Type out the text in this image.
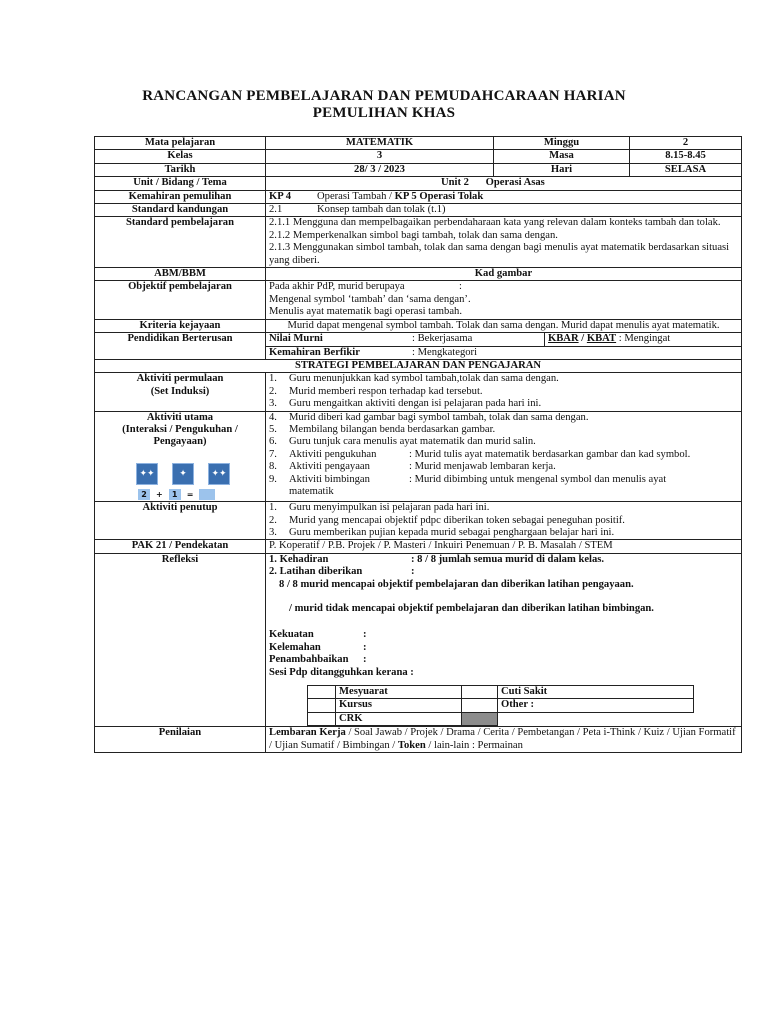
RANCANGAN PEMBELAJARAN DAN PEMUDAHCARAAN HARIAN
PEMULIHAN KHAS
Mata pelajaran	MATEMATIK	Minggu	2
Kelas	3	Masa	8.15-8.45
Tarikh	28/ 3 / 2023	Hari	SELASA
Unit / Bidang / Tema	Unit 2 Operasi Asas
Kemahiran pemulihan	KP 4 Operasi Tambah / KP 5 Operasi Tolak
Standard kandungan	2.1	Konsep tambah dan tolak (t.1)
Standard pembelajaran	2.1.1 Mengguna dan mempelbagaikan perbendaharaan kata yang relevan dalam konteks tambah dan tolak.
2.1.2 Memperkenalkan simbol bagi tambah, tolak dan sama dengan.
2.1.3 Menggunakan simbol tambah, tolak dan sama dengan bagi menulis ayat matematik berdasarkan situasi yang diberi.

ABM/BBM	Kad gambar
Objektif pembelajaran	Pada akhir PdP, murid berupaya	:
Mengenal symbol ‘tambah’ dan ‘sama dengan’.
Menulis ayat matematik bagi operasi tambah.

Kriteria kejayaan	Murid dapat mengenal symbol tambah. Tolak dan sama dengan. Murid dapat menulis ayat matematik.
Pendidikan Berterusan	Nilai Murni	: Bekerjasama	KBAR / KBAT : Mengingat

Kemahiran Berfikir	: Mengkategori

STRATEGI PEMBELAJARAN DAN PENGAJARAN

Aktiviti permulaan
(Set Induksi)

1.	Guru menunjukkan kad symbol tambah,tolak dan sama dengan.
2.	Murid memberi respon terhadap kad tersebut.
3.	Guru mengaitkan aktiviti dengan isi pelajaran pada hari ini.

Aktiviti utama
(Interaksi / Pengukuhan /
Pengayaan)
✦✦	✦	✦✦
2	+	1	=

4.	Murid diberi kad gambar bagi symbol tambah, tolak dan sama dengan.
5.	Membilang bilangan benda berdasarkan gambar.
6.	Guru tunjuk cara menulis ayat matematik dan murid salin.
7.	Aktiviti pengukuhan	: Murid tulis ayat matematik berdasarkan gambar dan kad symbol.
8.	Aktiviti pengayaan	: Murid menjawab lembaran kerja.
9.	Aktiviti bimbingan	: Murid dibimbing untuk mengenal symbol dan menulis ayat
matematik

Aktiviti penutup	1.	Guru menyimpulkan isi pelajaran pada hari ini.
2.	Murid yang mencapai objektif pdpc diberikan token sebagai peneguhan positif.
3.	Guru memberikan pujian kepada murid sebagai penghargaan belajar hari ini.

PAK 21 / Pendekatan	P. Koperatif / P.B. Projek / P. Masteri / Inkuiri Penemuan / P. B. Masalah / STEM
Refleksi	1. Kehadiran	: 8 / 8 jumlah semua murid di dalam kelas.
2. Latihan diberikan	:
8 / 8 murid mencapai objektif pembelajaran dan diberikan latihan pengayaan.
/ murid tidak mencapai objektif pembelajaran dan diberikan latihan bimbingan.
Kekuatan	:
Kelemahan	:
Penambahbaikan :
Sesi Pdp ditangguhkan kerana :
	Mesyuarat		Cuti Sakit
	Kursus		Other :
	CRK		

Penilaian	Lembaran Kerja / Soal Jawab / Projek / Drama / Cerita / Pembetangan / Peta i-Think / Kuiz / Ujian Formatif / Ujian Sumatif / Bimbingan / Token / lain-lain : Permainan
